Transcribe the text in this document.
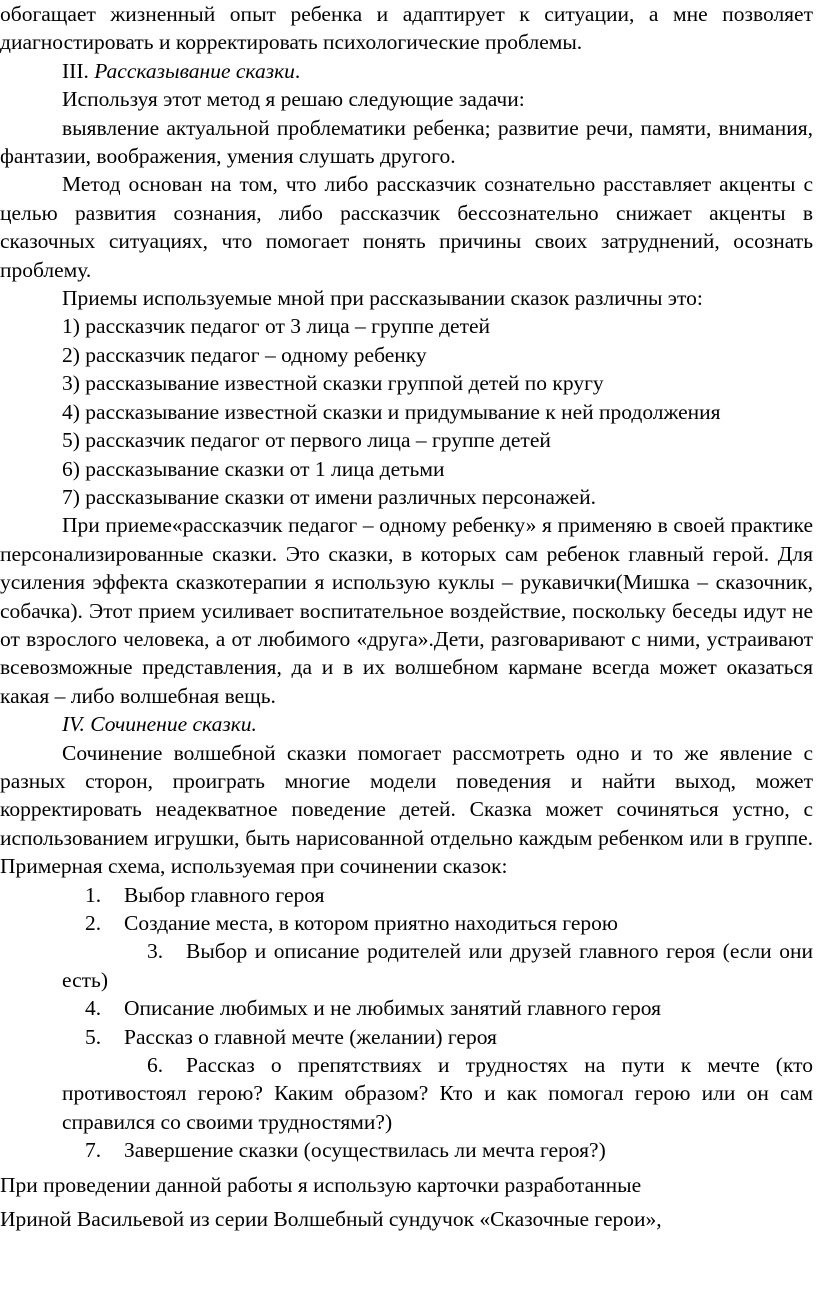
обогащает жизненный опыт ребенка и адаптирует к ситуации, а мне позволяет диагностировать и корректировать психологические проблемы.

III. Рассказывание сказки.

Используя этот метод я решаю следующие задачи:

выявление актуальной проблематики ребенка; развитие речи, памяти, внимания, фантазии, воображения, умения слушать другого.

Метод основан на том, что либо рассказчик сознательно расставляет акценты с целью развития сознания, либо рассказчик бессознательно снижает акценты в сказочных ситуациях, что помогает понять причины своих затруднений, осознать проблему.

Приемы используемые мной при рассказывании сказок различны это:

1) рассказчик педагог от 3 лица – группе детей

2) рассказчик педагог – одному ребенку

3) рассказывание известной сказки группой детей по кругу

4) рассказывание известной сказки и придумывание к ней продолжения

5) рассказчик педагог от первого лица – группе детей

6) рассказывание сказки от 1 лица детьми

7) рассказывание сказки от имени различных персонажей.

При приеме«рассказчик педагог – одному ребенку» я применяю в своей практике персонализированные сказки. Это сказки, в которых сам ребенок главный герой. Для усиления эффекта сказкотерапии я использую куклы – рукавички(Мишка – сказочник, собачка). Этот прием усиливает воспитательное воздействие, поскольку беседы идут не от взрослого человека, а от любимого «друга».Дети, разговаривают с ними, устраивают всевозможные представления, да и в их волшебном кармане всегда может оказаться какая – либо волшебная вещь.

IV. Сочинение сказки.

Сочинение волшебной сказки помогает рассмотреть одно и то же явление с разных сторон, проиграть многие модели поведения и найти выход, может корректировать неадекватное поведение детей. Сказка может сочиняться устно, с использованием игрушки, быть нарисованной отдельно каждым ребенком или в группе. Примерная схема, используемая при сочинении сказок:

1.	Выбор главного героя
2.	Создание места, в котором приятно находиться герою
3. Выбор и описание родителей или друзей главного героя (если они есть)
4.	Описание любимых и не любимых занятий главного героя
5.	Рассказ о главной мечте (желании) героя
6. Рассказ о препятствиях и трудностях на пути к мечте (кто противостоял герою? Каким образом? Кто и как помогал герою или он сам справился со своими трудностями?)
7.	Завершение сказки (осуществилась ли мечта героя?)

При проведении данной работы я использую карточки разработанные
Ириной Васильевой из серии Волшебный сундучок «Сказочные герои»,
